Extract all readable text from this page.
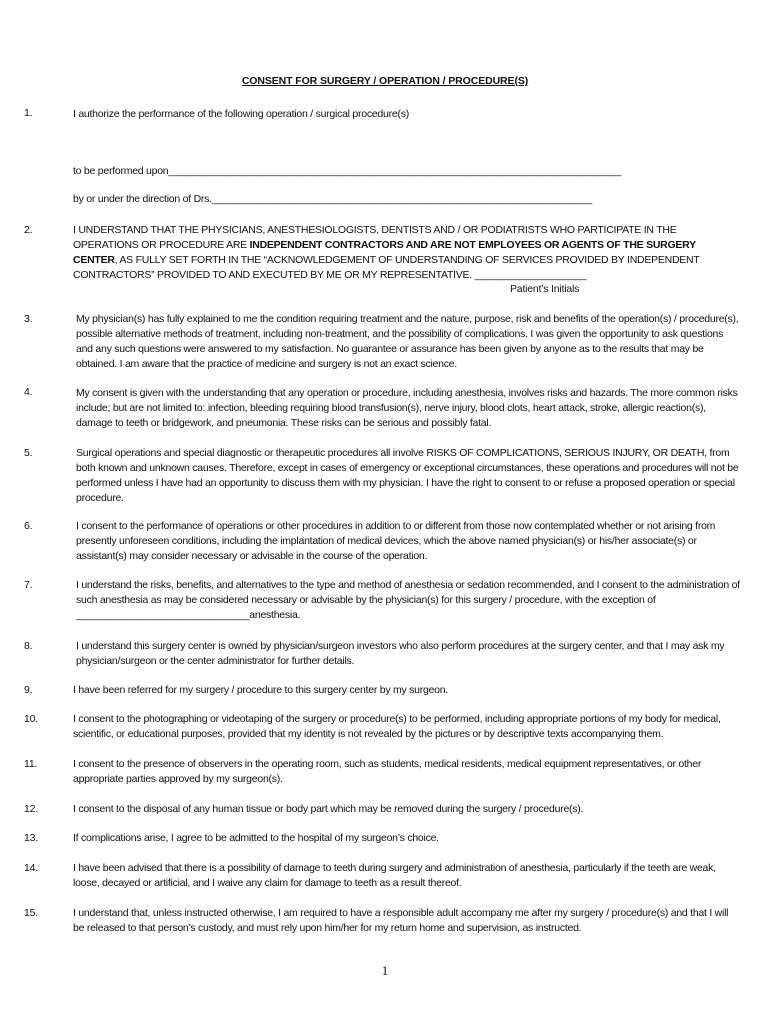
CONSENT FOR SURGERY / OPERATION / PROCEDURE(S)
1.	I authorize the performance of the following operation / surgical procedure(s)
to be performed upon_________________________________________________________________________________
by or under the direction of Drs.____________________________________________________________________
2.	I UNDERSTAND THAT THE PHYSICIANS, ANESTHESIOLOGISTS, DENTISTS AND / OR PODIATRISTS WHO PARTICIPATE IN THE OPERATIONS OR PROCEDURE ARE INDEPENDENT CONTRACTORS AND ARE NOT EMPLOYEES OR AGENTS OF THE SURGERY CENTER, AS FULLY SET FORTH IN THE “ACKNOWLEDGEMENT OF UNDERSTANDING OF SERVICES PROVIDED BY INDEPENDENT CONTRACTORS” PROVIDED TO AND EXECUTED BY ME OR MY REPRESENTATIVE. ____________________
Patient’s Initials
3.	My physician(s) has fully explained to me the condition requiring treatment and the nature, purpose, risk and benefits of the operation(s) / procedure(s), possible alternative methods of treatment, including non-treatment, and the possibility of complications. I was given the opportunity to ask questions and any such questions were answered to my satisfaction. No guarantee or assurance has been given by anyone as to the results that may be obtained. I am aware that the practice of medicine and surgery is not an exact science.
4.	My consent is given with the understanding that any operation or procedure, including anesthesia, involves risks and hazards. The more common risks include; but are not limited to: infection, bleeding requiring blood transfusion(s), nerve injury, blood clots, heart attack, stroke, allergic reaction(s), damage to teeth or bridgework, and pneumonia. These risks can be serious and possibly fatal.
5.	Surgical operations and special diagnostic or therapeutic procedures all involve RISKS OF COMPLICATIONS, SERIOUS INJURY, OR DEATH, from both known and unknown causes. Therefore, except in cases of emergency or exceptional circumstances, these operations and procedures will not be performed unless I have had an opportunity to discuss them with my physician. I have the right to consent to or refuse a proposed operation or special procedure.
6.	I consent to the performance of operations or other procedures in addition to or different from those now contemplated whether or not arising from presently unforeseen conditions, including the implantation of medical devices, which the above named physician(s) or his/her associate(s) or assistant(s) may consider necessary or advisable in the course of the operation.
7.	I understand the risks, benefits, and alternatives to the type and method of anesthesia or sedation recommended, and I consent to the administration of such anesthesia as may be considered necessary or advisable by the physician(s) for this surgery / procedure, with the exception of _______________________________anesthesia.
8.	I understand this surgery center is owned by physician/surgeon investors who also perform procedures at the surgery center, and that I may ask my physician/surgeon or the center administrator for further details.
9.	I have been referred for my surgery / procedure to this surgery center by my surgeon.
10.	I consent to the photographing or videotaping of the surgery or procedure(s) to be performed, including appropriate portions of my body for medical, scientific, or educational purposes, provided that my identity is not revealed by the pictures or by descriptive texts accompanying them.
11.	I consent to the presence of observers in the operating room, such as students, medical residents, medical equipment representatives, or other appropriate parties approved by my surgeon(s).
12.	I consent to the disposal of any human tissue or body part which may be removed during the surgery / procedure(s).
13.	If complications arise, I agree to be admitted to the hospital of my surgeon’s choice.
14.	I have been advised that there is a possibility of damage to teeth during surgery and administration of anesthesia, particularly if the teeth are weak, loose, decayed or artificial, and I waive any claim for damage to teeth as a result thereof.
15.	I understand that, unless instructed otherwise, I am required to have a responsible adult accompany me after my surgery / procedure(s) and that I will be released to that person’s custody, and must rely upon him/her for my return home and supervision, as instructed.
1
